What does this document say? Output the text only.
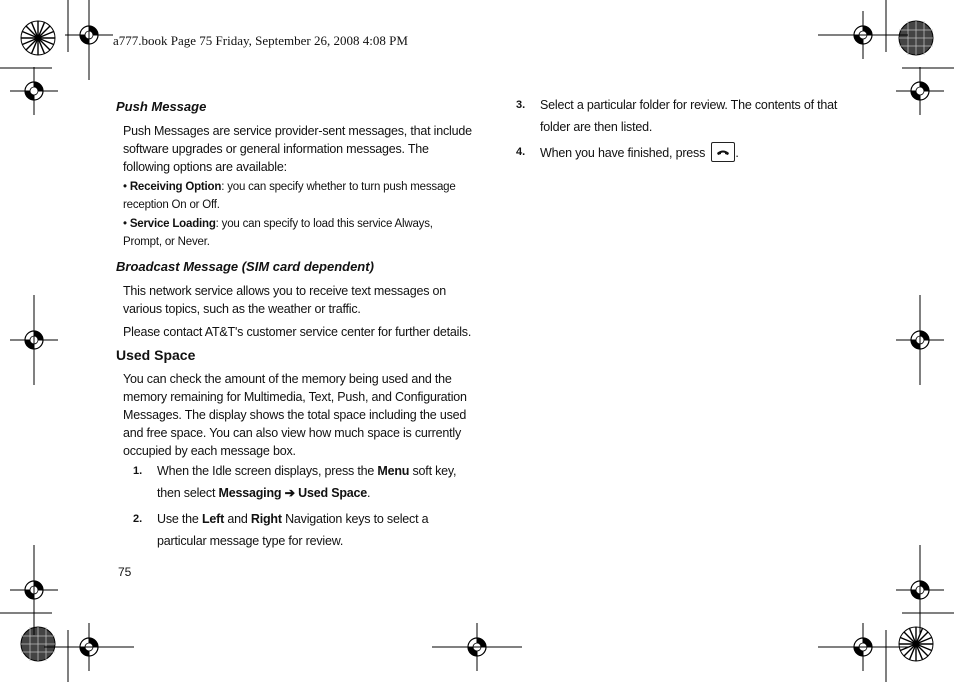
a777.book Page 75 Friday, September 26, 2008 4:08 PM
Push Message
Push Messages are service provider-sent messages, that include software upgrades or general information messages. The following options are available:
• Receiving Option: you can specify whether to turn push message reception On or Off.
• Service Loading: you can specify to load this service Always, Prompt, or Never.
Broadcast Message (SIM card dependent)
This network service allows you to receive text messages on various topics, such as the weather or traffic.
Please contact AT&T's customer service center for further details.
Used Space
You can check the amount of the memory being used and the memory remaining for Multimedia, Text, Push, and Configuration Messages. The display shows the total space including the used and free space. You can also view how much space is currently occupied by each message box.
1. When the Idle screen displays, press the Menu soft key, then select Messaging ➔ Used Space.
2. Use the Left and Right Navigation keys to select a particular message type for review.
3. Select a particular folder for review. The contents of that folder are then listed.
4. When you have finished, press
.
75
